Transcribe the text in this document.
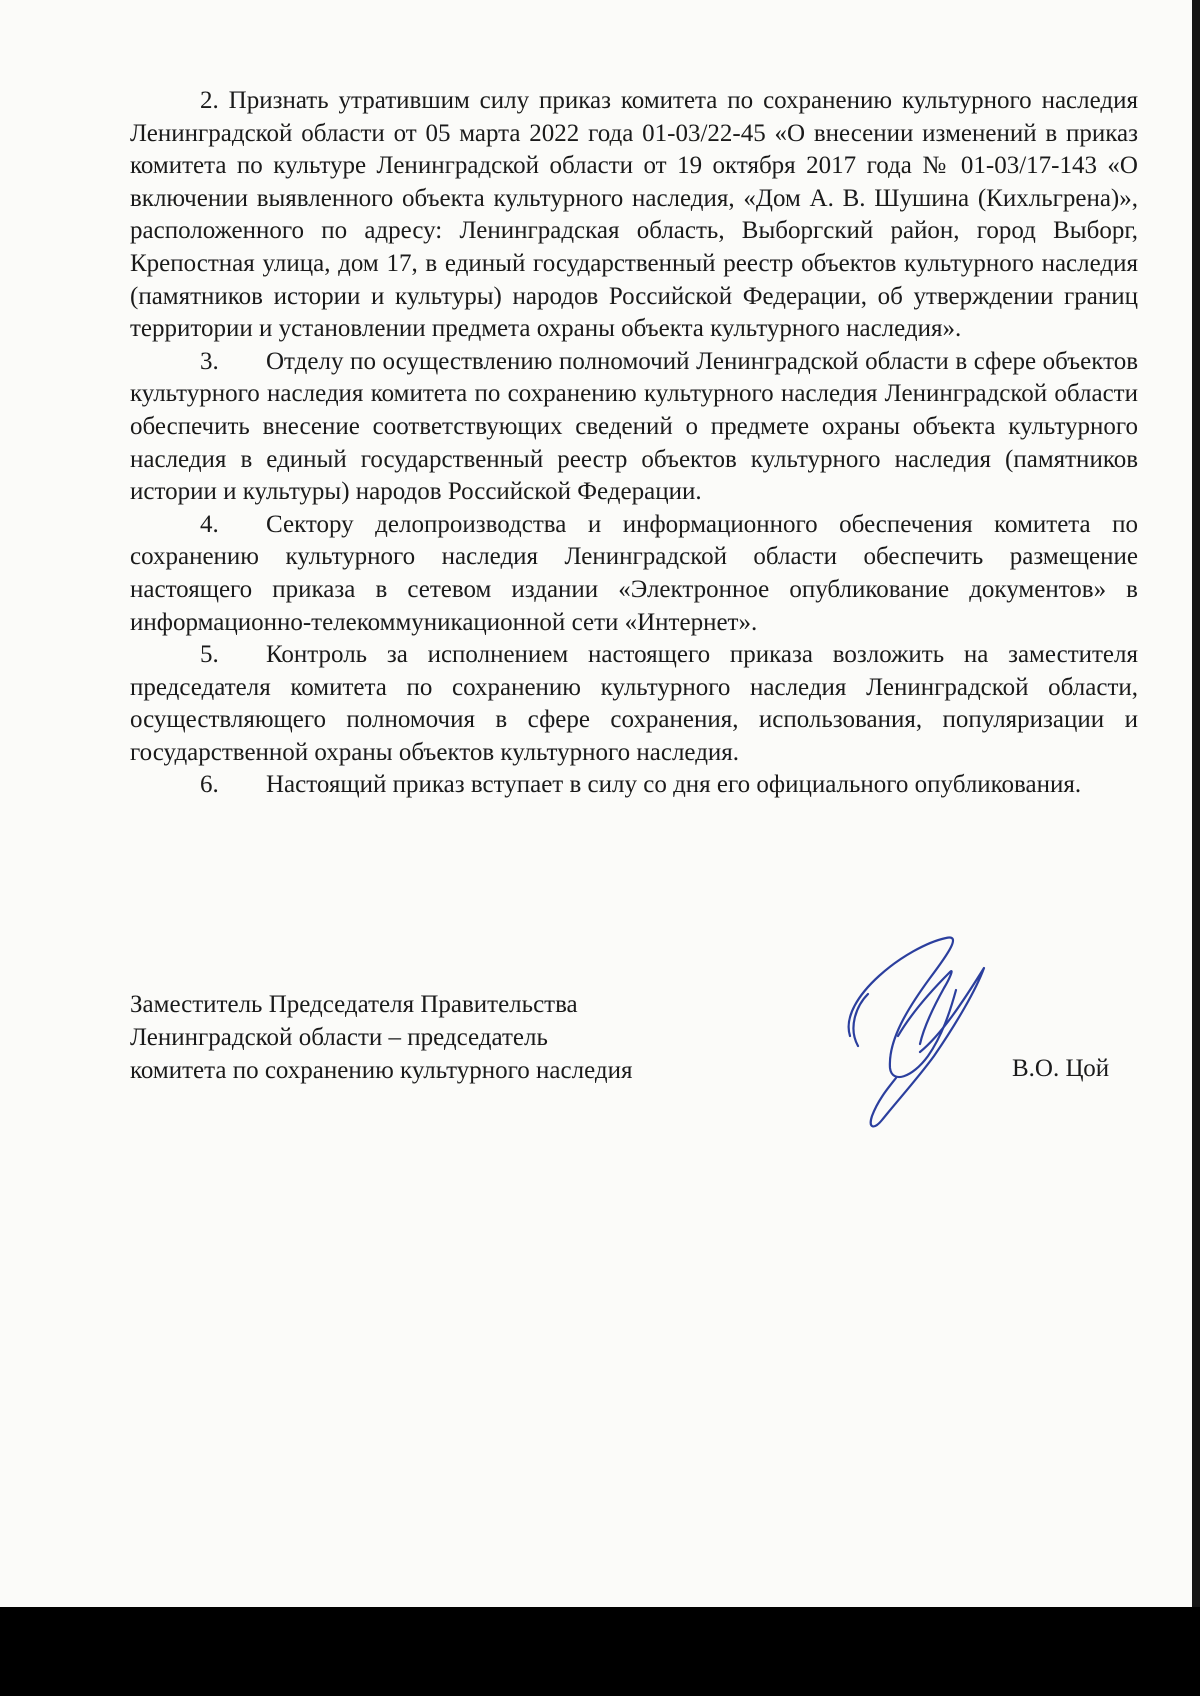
2. Признать утратившим силу приказ комитета по сохранению культурного наследия Ленинградской области от 05 марта 2022 года 01-03/22-45 «О внесении изменений в приказ комитета по культуре Ленинградской области от 19 октября 2017 года № 01-03/17-143 «О включении выявленного объекта культурного наследия, «Дом А. В. Шушина (Кихльгрена)», расположенного по адресу: Ленинградская область, Выборгский район, город Выборг, Крепостная улица, дом 17, в единый государственный реестр объектов культурного наследия (памятников истории и культуры) народов Российской Федерации, об утверждении границ территории и установлении предмета охраны объекта культурного наследия».

3. Отделу по осуществлению полномочий Ленинградской области в сфере объектов культурного наследия комитета по сохранению культурного наследия Ленинградской области обеспечить внесение соответствующих сведений о предмете охраны объекта культурного наследия в единый государственный реестр объектов культурного наследия (памятников истории и культуры) народов Российской Федерации.

4. Сектору делопроизводства и информационного обеспечения комитета по сохранению культурного наследия Ленинградской области обеспечить размещение настоящего приказа в сетевом издании «Электронное опубликование документов» в информационно-телекоммуникационной сети «Интернет».

5. Контроль за исполнением настоящего приказа возложить на заместителя председателя комитета по сохранению культурного наследия Ленинградской области, осуществляющего полномочия в сфере сохранения, использования, популяризации и государственной охраны объектов культурного наследия.

6. Настоящий приказ вступает в силу со дня его официального опубликования.

Заместитель Председателя Правительства
Ленинградской области – председатель
комитета по сохранению культурного наследия	В.О. Цой
